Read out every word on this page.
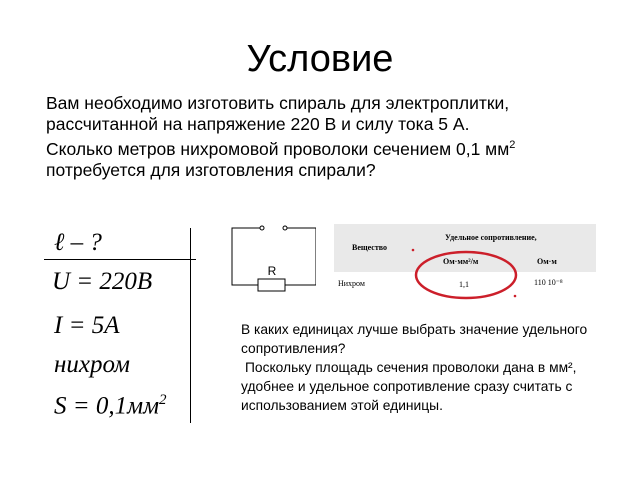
Условие
Вам необходимо изготовить спираль для электроплитки,
рассчитанной на напряжение 220 В и силу тока 5 А.
Сколько метров нихромовой проволоки сечением 0,1 $мм^2$
потребуется для изготовления спирали?
ℓ – ?
U = 220B
I = 5A
нихром
$S = 0,1мм^2$
R
Вещество
Удельное сопротивление,
Ом·мм²/м	Ом·м
Нихром	1,1	110 10⁻⁸

В каких единицах лучше выбрать значение удельного сопротивления?

Поскольку площадь сечения проволоки дана в мм², удобнее и удельное сопротивление сразу считать с использованием этой единицы.
